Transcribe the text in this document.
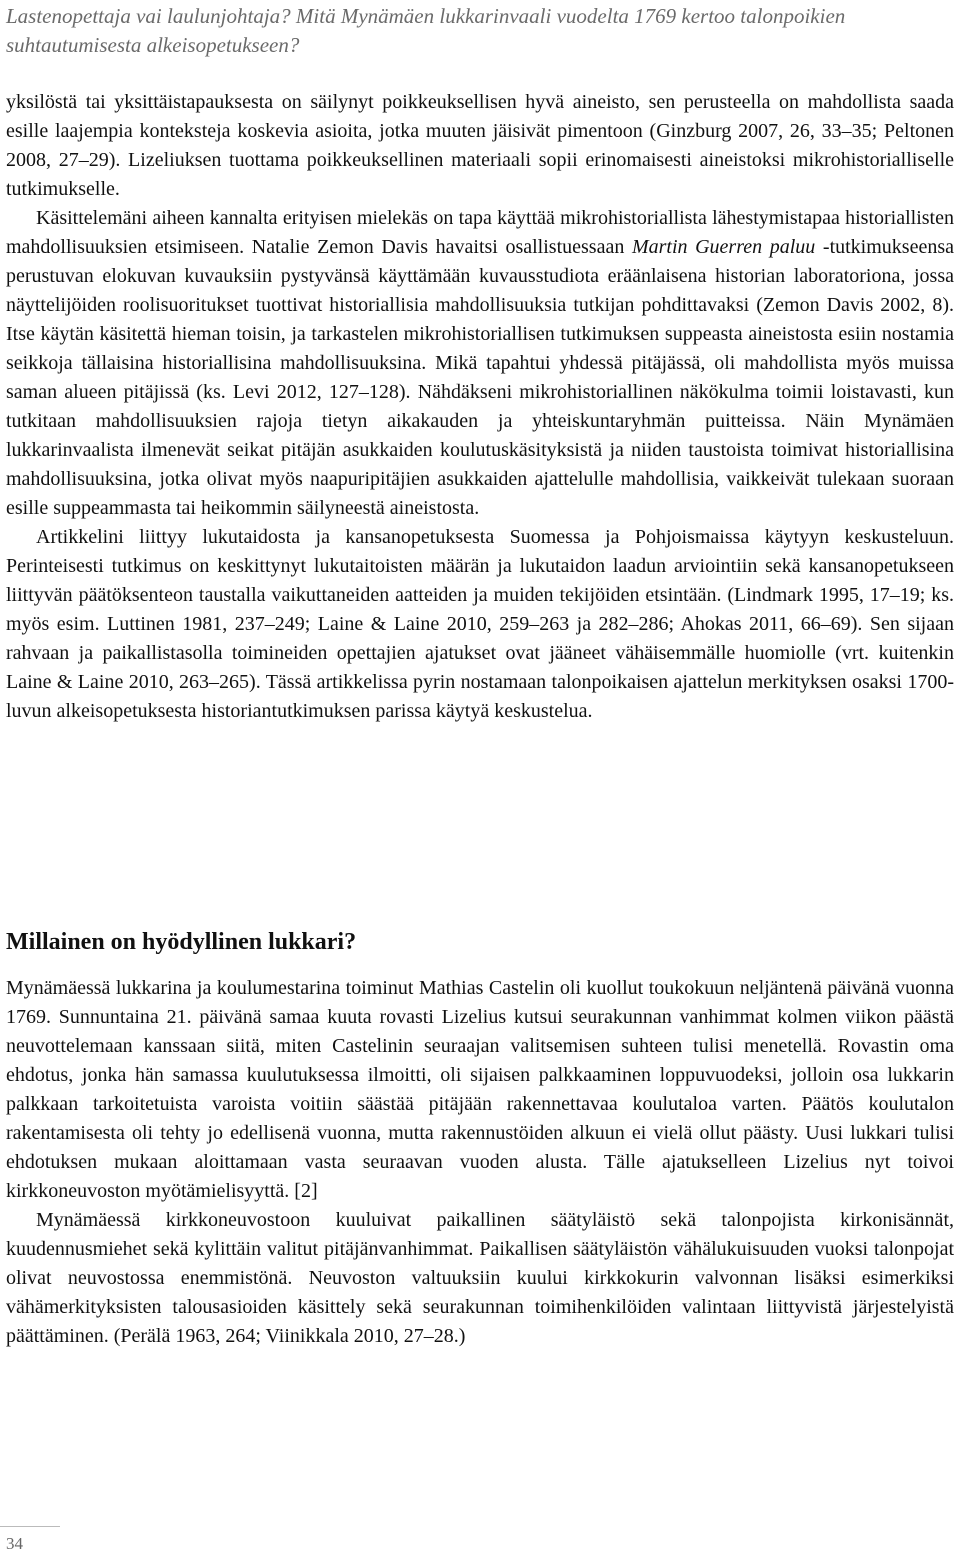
Lastenopettaja vai laulunjohtaja? Mitä Mynämäen lukkarinvaali vuodelta 1769 kertoo talonpoikien suhtautumisesta alkeisopetukseen?

yksilöstä tai yksittäistapauksesta on säilynyt poikkeuksellisen hyvä aineisto, sen perusteella on mahdollista saada esille laajempia konteksteja koskevia asioita, jotka muuten jäisivät pimentoon (Ginzburg 2007, 26, 33–35; Peltonen 2008, 27–29). Lizeliuksen tuottama poikkeuksellinen materiaali sopii erinomaisesti aineistoksi mikrohistorialliselle tutkimukselle.

Käsittelemäni aiheen kannalta erityisen mielekäs on tapa käyttää mikrohistoriallista lähestymistapaa historiallisten mahdollisuuksien etsimiseen. Natalie Zemon Davis havaitsi osallistuessaan Martin Guerren paluu -tutkimukseensa perustuvan elokuvan kuvauksiin pystyvänsä käyttämään kuvausstudiota eräänlaisena historian laboratoriona, jossa näyttelijöiden roolisuoritukset tuottivat historiallisia mahdollisuuksia tutkijan pohdittavaksi (Zemon Davis 2002, 8). Itse käytän käsitettä hieman toisin, ja tarkastelen mikrohistoriallisen tutkimuksen suppeasta aineistosta esiin nostamia seikkoja tällaisina historiallisina mahdollisuuksina. Mikä tapahtui yhdessä pitäjässä, oli mahdollista myös muissa saman alueen pitäjissä (ks. Levi 2012, 127–128). Nähdäkseni mikrohistoriallinen näkökulma toimii loistavasti, kun tutkitaan mahdollisuuksien rajoja tietyn aikakauden ja yhteiskuntaryhmän puitteissa. Näin Mynämäen lukkarinvaalista ilmenevät seikat pitäjän asukkaiden koulutuskäsityksistä ja niiden taustoista toimivat historiallisina mahdollisuuksina, jotka olivat myös naapuripitäjien asukkaiden ajattelulle mahdollisia, vaikkeivät tulekaan suoraan esille suppeammasta tai heikommin säilyneestä aineistosta.

Artikkelini liittyy lukutaidosta ja kansanopetuksesta Suomessa ja Pohjoismaissa käytyyn keskusteluun. Perinteisesti tutkimus on keskittynyt lukutaitoisten määrän ja lukutaidon laadun arviointiin sekä kansanopetukseen liittyvän päätöksenteon taustalla vaikuttaneiden aatteiden ja muiden tekijöiden etsintään. (Lindmark 1995, 17–19; ks. myös esim. Luttinen 1981, 237–249; Laine & Laine 2010, 259–263 ja 282–286; Ahokas 2011, 66–69). Sen sijaan rahvaan ja paikallistasolla toimineiden opettajien ajatukset ovat jääneet vähäisemmälle huomiolle (vrt. kuitenkin Laine & Laine 2010, 263–265). Tässä artikkelissa pyrin nostamaan talonpoikaisen ajattelun merkityksen osaksi 1700-luvun alkeisopetuksesta historiantutkimuksen parissa käytyä keskustelua.

Millainen on hyödyllinen lukkari?

Mynämäessä lukkarina ja koulumestarina toiminut Mathias Castelin oli kuollut toukokuun neljäntenä päivänä vuonna 1769. Sunnuntaina 21. päivänä samaa kuuta rovasti Lizelius kutsui seurakunnan vanhimmat kolmen viikon päästä neuvottelemaan kanssaan siitä, miten Castelinin seuraajan valitsemisen suhteen tulisi menetellä. Rovastin oma ehdotus, jonka hän samassa kuulutuksessa ilmoitti, oli sijaisen palkkaaminen loppuvuodeksi, jolloin osa lukkarin palkkaan tarkoitetuista varoista voitiin säästää pitäjään rakennettavaa koulutaloa varten. Päätös koulutalon rakentamisesta oli tehty jo edellisenä vuonna, mutta rakennustöiden alkuun ei vielä ollut päästy. Uusi lukkari tulisi ehdotuksen mukaan aloittamaan vasta seuraavan vuoden alusta. Tälle ajatukselleen Lizelius nyt toivoi kirkkoneuvoston myötämielisyyttä. [2]

Mynämäessä kirkkoneuvostoon kuuluivat paikallinen säätyläistö sekä talonpojista kirkonisännät, kuudennusmiehet sekä kylittäin valitut pitäjänvanhimmat. Paikallisen säätyläistön vähälukuisuuden vuoksi talonpojat olivat neuvostossa enemmistönä. Neuvoston valtuuksiin kuului kirkkokurin valvonnan lisäksi esimerkiksi vähämerkityksisten talousasioiden käsittely sekä seurakunnan toimihenkilöiden valintaan liittyvistä järjestelyistä päättäminen. (Perälä 1963, 264; Viinikkala 2010, 27–28.)

34
